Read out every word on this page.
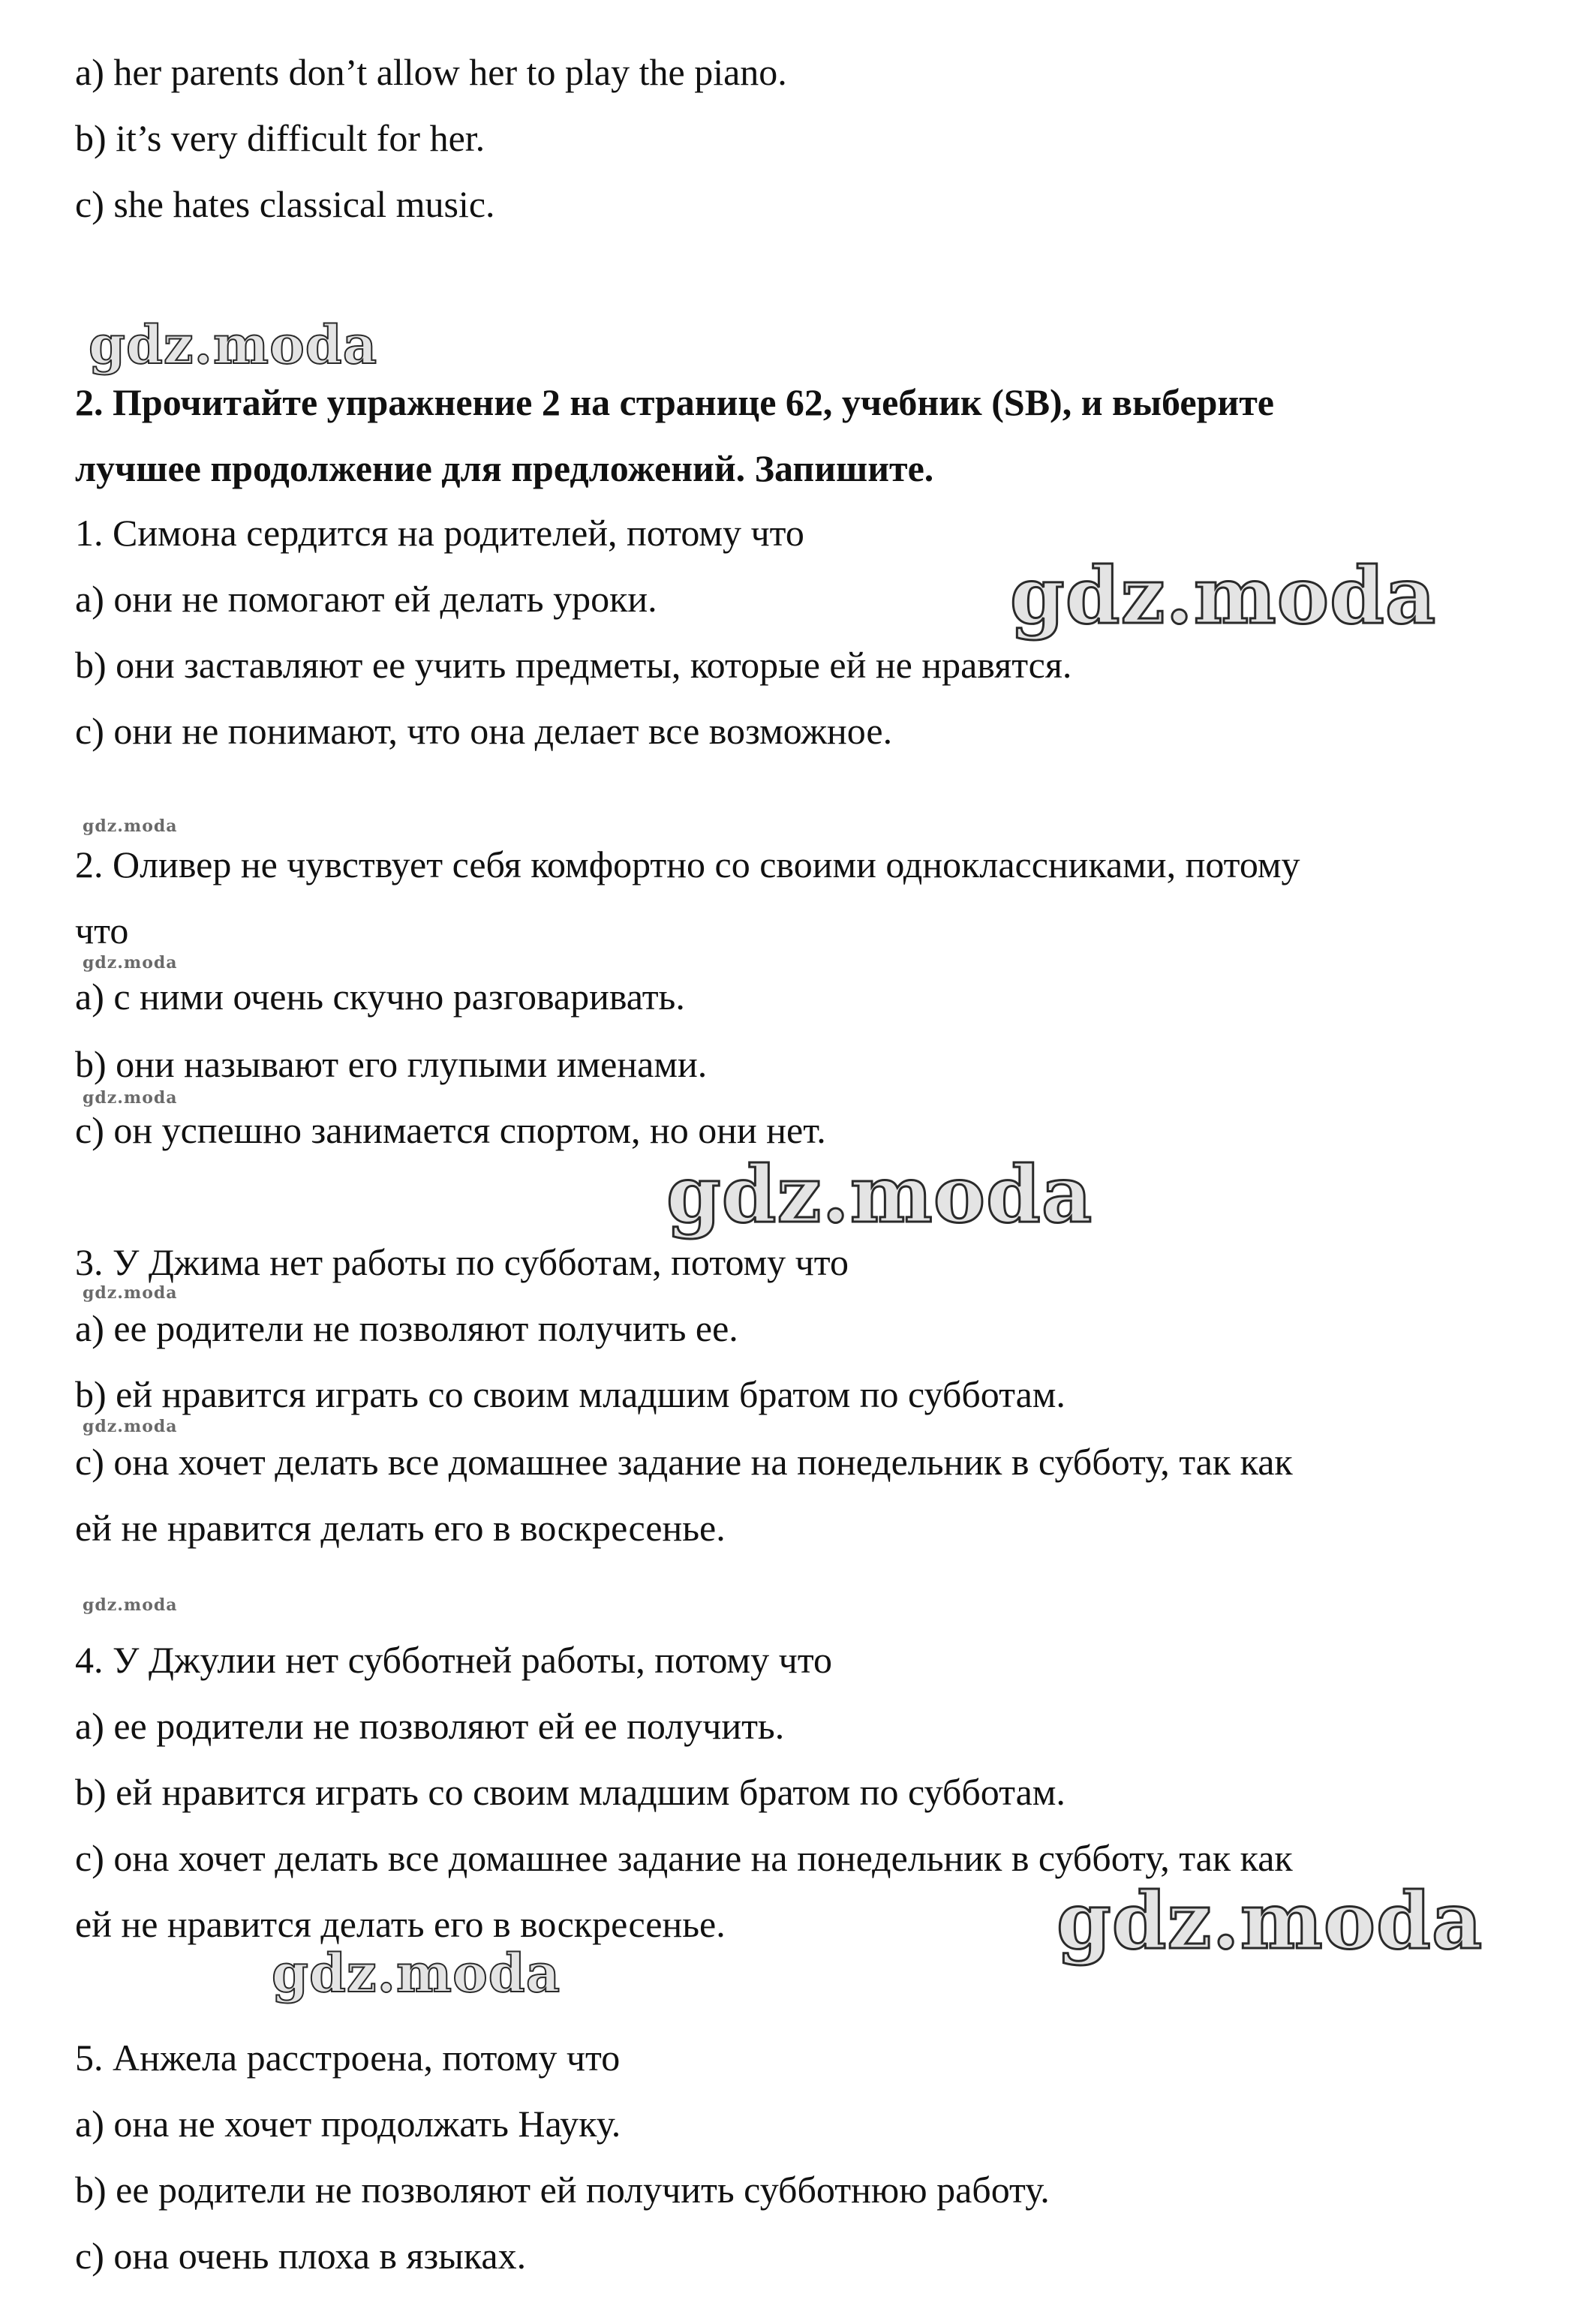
gdz.moda
gdz.moda
gdz.moda
gdz.moda
gdz.moda
gdz.moda
gdz.moda
gdz.moda
gdz.moda
gdz.moda
gdz.moda
a) her parents don’t allow her to play the piano.
b) it’s very difficult for her.
c) she hates classical music.
2. Прочитайте упражнение 2 на странице 62, учебник (SB), и выберите
лучшее продолжение для предложений. Запишите.
1. Симона сердится на родителей, потому что
a) они не помогают ей делать уроки.
b) они заставляют ее учить предметы, которые ей не нравятся.
c) они не понимают, что она делает все возможное.
2. Оливер не чувствует себя комфортно со своими одноклассниками, потому
что
a) с ними очень скучно разговаривать.
b) они называют его глупыми именами.
c) он успешно занимается спортом, но они нет.
3. У Джима нет работы по субботам, потому что
a) ее родители не позволяют получить ее.
b) ей нравится играть со своим младшим братом по субботам.
c) она хочет делать все домашнее задание на понедельник в субботу, так как
ей не нравится делать его в воскресенье.
4. У Джулии нет субботней работы, потому что
a) ее родители не позволяют ей ее получить.
b) ей нравится играть со своим младшим братом по субботам.
c) она хочет делать все домашнее задание на понедельник в субботу, так как
ей не нравится делать его в воскресенье.
5. Анжела расстроена, потому что
a) она не хочет продолжать Науку.
b) ее родители не позволяют ей получить субботнюю работу.
c) она очень плоха в языках.
